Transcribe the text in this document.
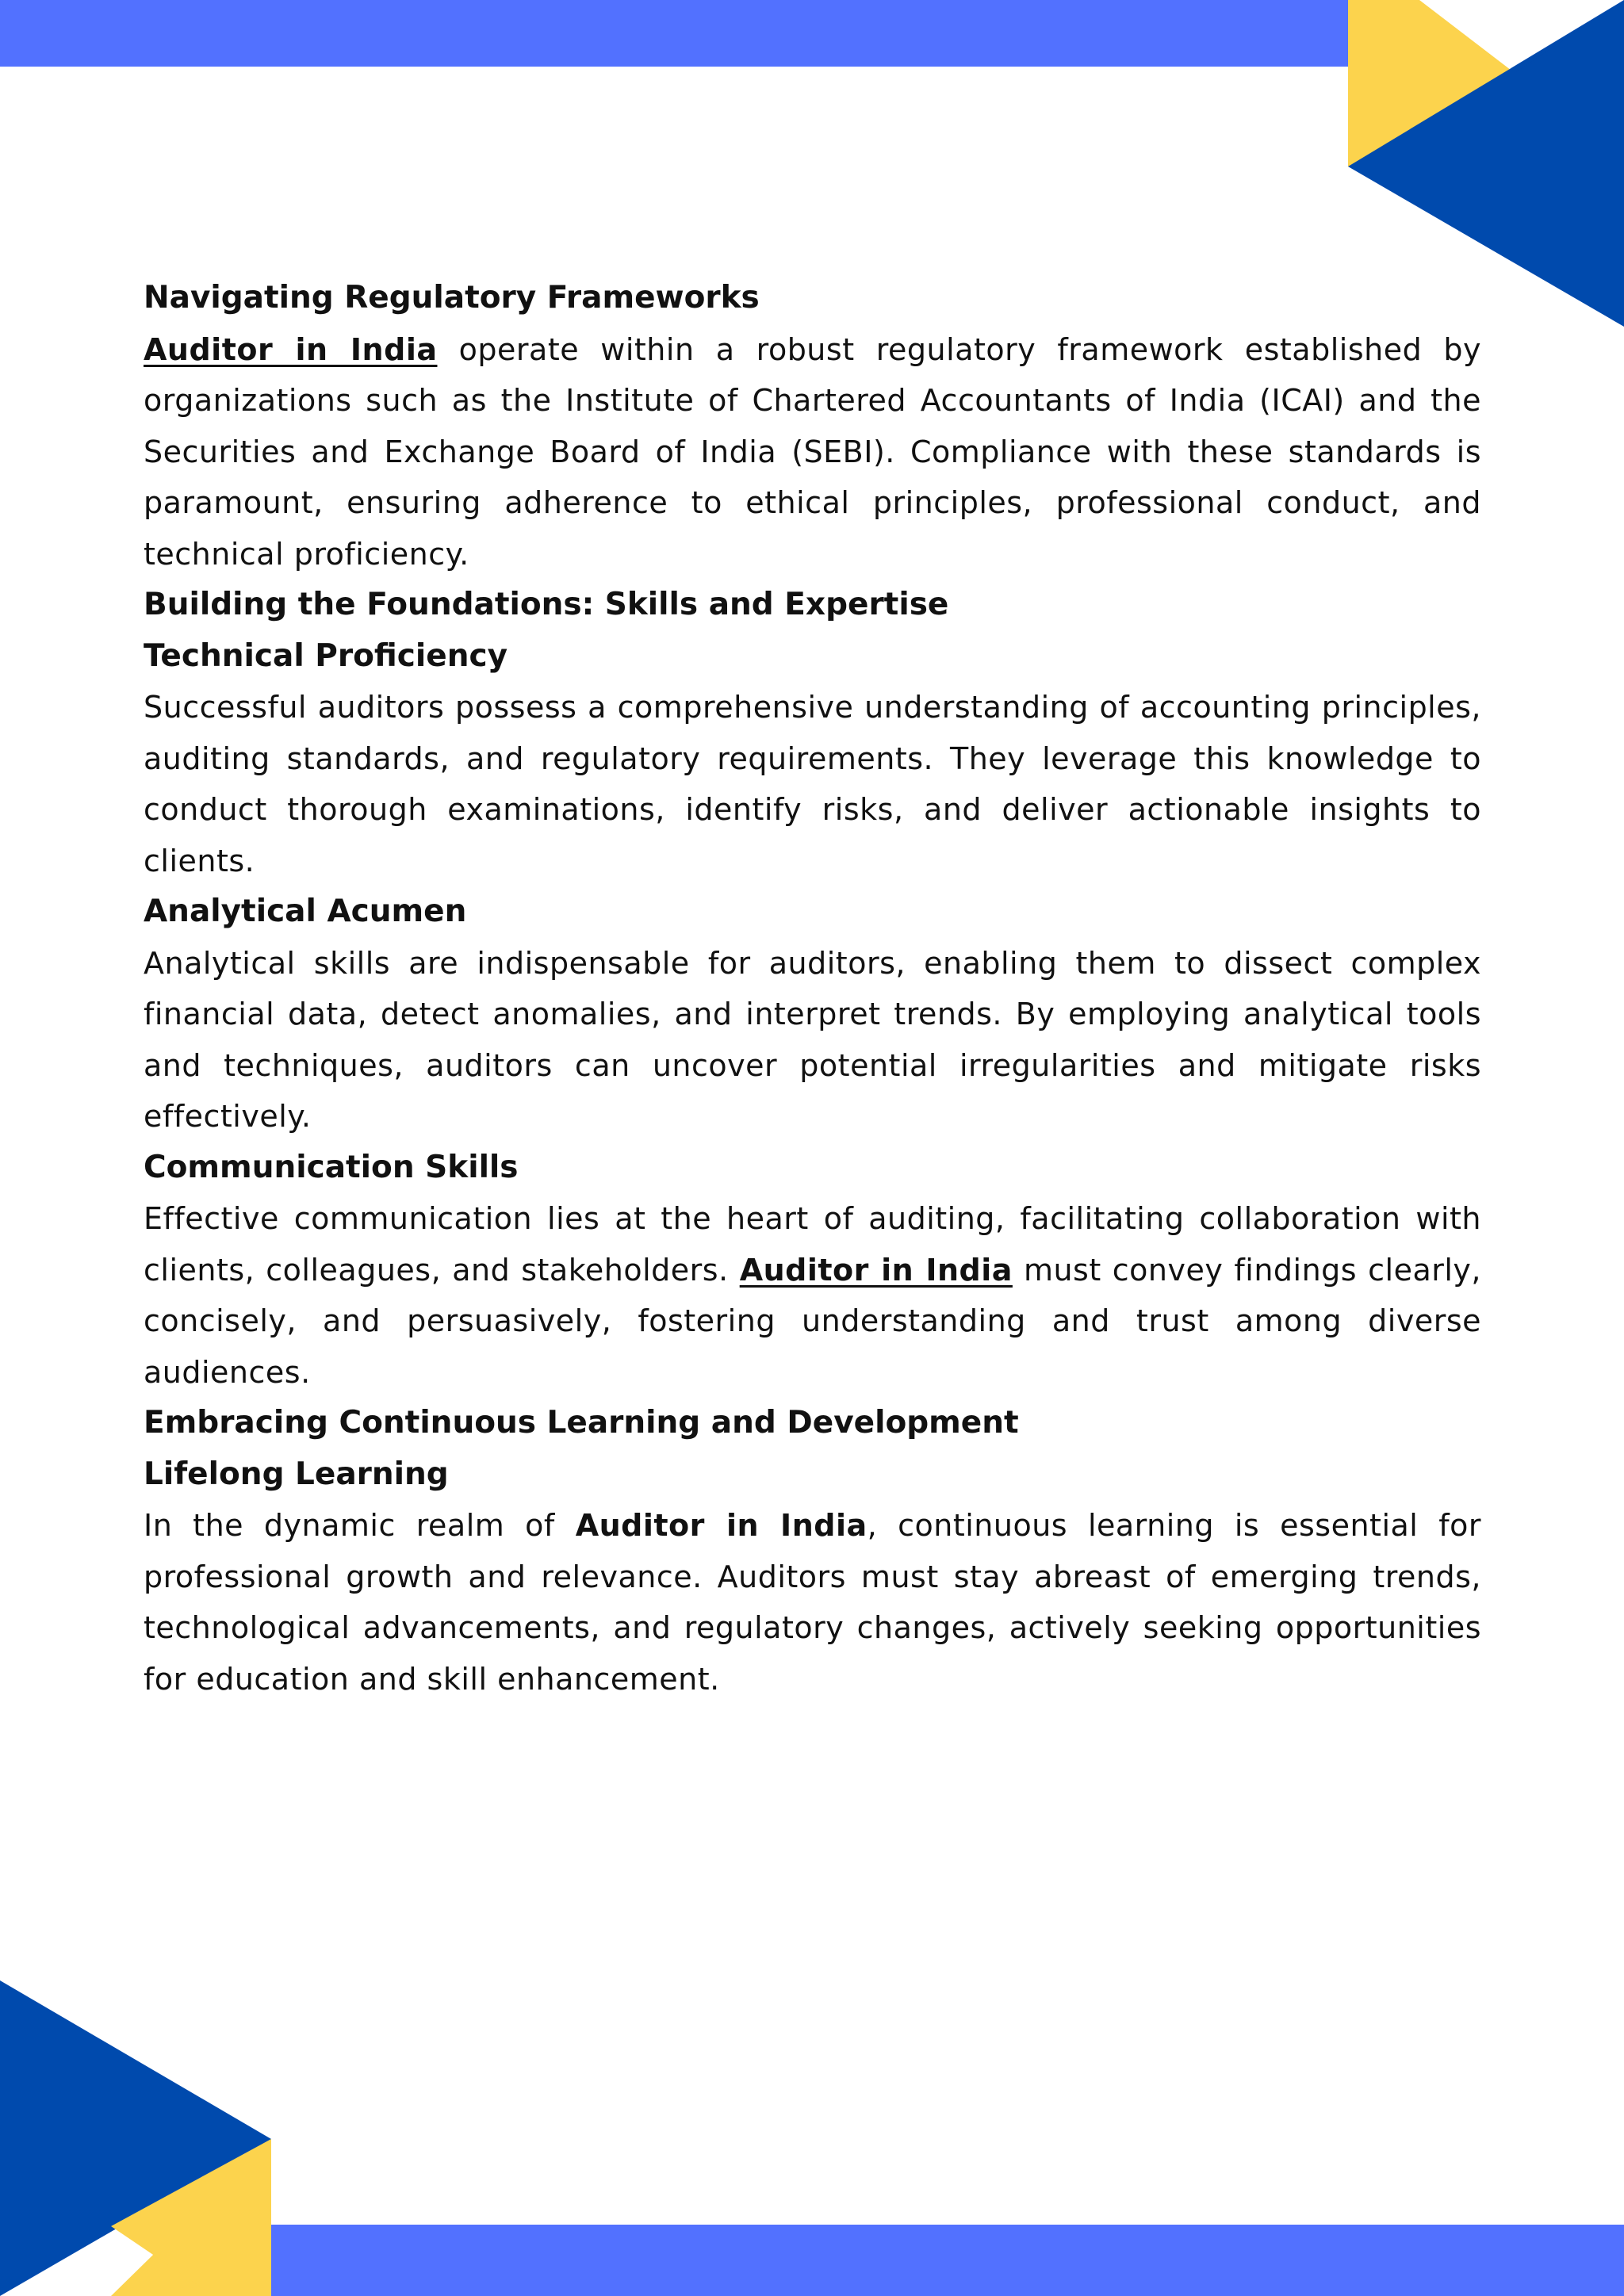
Navigating Regulatory Frameworks

Auditor in India operate within a robust regulatory framework established by organizations such as the Institute of Chartered Accountants of India (ICAI) and the Securities and Exchange Board of India (SEBI). Compliance with these standards is paramount, ensuring adherence to ethical principles, professional conduct, and technical proficiency.

Building the Foundations: Skills and Expertise
Technical Proficiency

Successful auditors possess a comprehensive understanding of accounting principles, auditing standards, and regulatory requirements. They leverage this knowledge to conduct thorough examinations, identify risks, and deliver actionable insights to clients.

Analytical Acumen

Analytical skills are indispensable for auditors, enabling them to dissect complex financial data, detect anomalies, and interpret trends. By employing analytical tools and techniques, auditors can uncover potential irregularities and mitigate risks effectively.

Communication Skills

Effective communication lies at the heart of auditing, facilitating collaboration with clients, colleagues, and stakeholders. Auditor in India must convey findings clearly, concisely, and persuasively, fostering understanding and trust among diverse audiences.

Embracing Continuous Learning and Development
Lifelong Learning

In the dynamic realm of Auditor in India, continuous learning is essential for professional growth and relevance. Auditors must stay abreast of emerging trends, technological advancements, and regulatory changes, actively seeking opportunities for education and skill enhancement.
